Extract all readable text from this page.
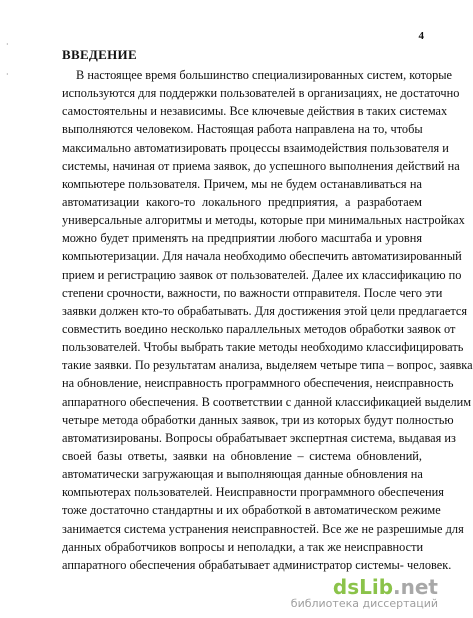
4
·
·
ВВЕДЕНИЕ
В настоящее время большинство специализированных систем, которые
используются для поддержки пользователей в организациях, не достаточно
самостоятельны и независимы. Все ключевые действия в таких системах
выполняются человеком. Настоящая работа направлена на то, чтобы
максимально автоматизировать процессы взаимодействия пользователя и
системы, начиная от приема заявок, до успешного выполнения действий на
компьютере пользователя. Причем, мы не будем останавливаться на
автоматизации какого-то локального предприятия, а разработаем
универсальные алгоритмы и методы, которые при минимальных настройках
можно будет применять на предприятии любого масштаба и уровня
компьютеризации. Для начала необходимо обеспечить автоматизированный
прием и регистрацию заявок от пользователей. Далее их классификацию по
степени срочности, важности, по важности отправителя. После чего эти
заявки должен кто-то обрабатывать. Для достижения этой цели предлагается
совместить воедино несколько параллельных методов обработки заявок от
пользователей. Чтобы выбрать такие методы необходимо классифицировать
такие заявки. По результатам анализа, выделяем четыре типа – вопрос, заявка
на обновление, неисправность программного обеспечения, неисправность
аппаратного обеспечения. В соответствии с данной классификацией выделим
четыре метода обработки данных заявок, три из которых будут полностью
автоматизированы. Вопросы обрабатывает экспертная система, выдавая из
своей базы ответы, заявки на обновление – система обновлений,
автоматически загружающая и выполняющая данные обновления на
компьютерах пользователей. Неисправности программного обеспечения
тоже достаточно стандартны и их обработкой в автоматическом режиме
занимается система устранения неисправностей. Все же не разрешимые для
данных обработчиков вопросы и неполадки, а так же неисправности
аппаратного обеспечения обрабатывает администратор системы- человек.
dsLib.net
библиотека диссертаций
